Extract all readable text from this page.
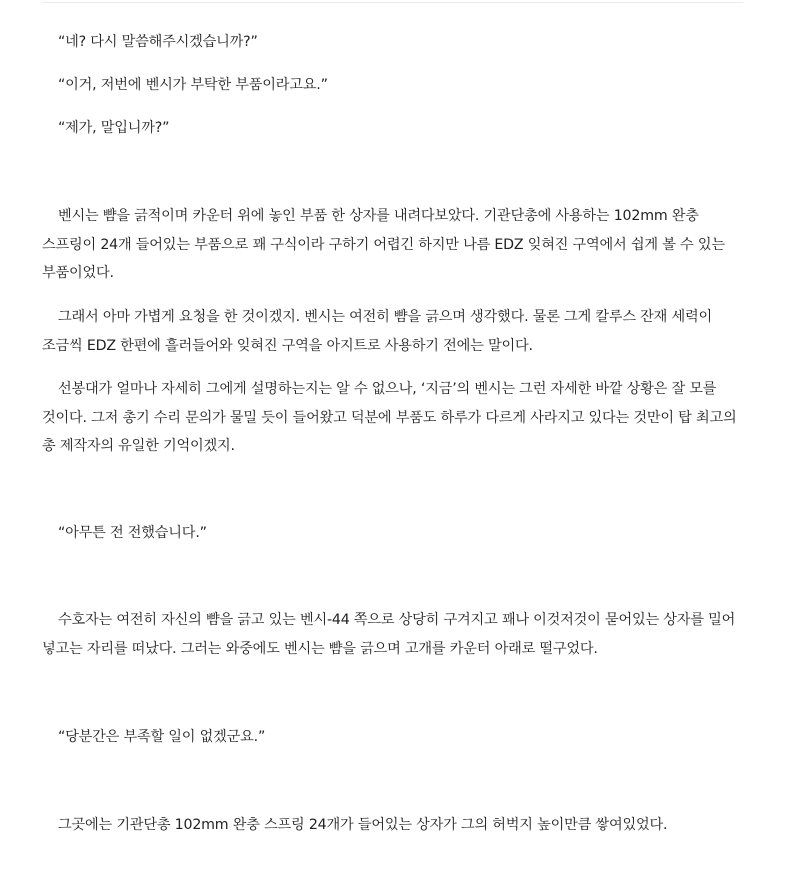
“네? 다시 말씀해주시겠습니까?”

“이거, 저번에 벤시가 부탁한 부품이라고요.”

“제가, 말입니까?”

벤시는 뺨을 긁적이며 카운터 위에 놓인 부품 한 상자를 내려다보았다. 기관단총에 사용하는 102mm 완충 스프링이 24개 들어있는 부품으로 꽤 구식이라 구하기 어렵긴 하지만 나름 EDZ 잊혀진 구역에서 쉽게 볼 수 있는 부품이었다.

그래서 아마 가볍게 요청을 한 것이겠지. 벤시는 여전히 뺨을 긁으며 생각했다. 물론 그게 칼루스 잔재 세력이 조금씩 EDZ 한편에 흘러들어와 잊혀진 구역을 아지트로 사용하기 전에는 말이다.

선봉대가 얼마나 자세히 그에게 설명하는지는 알 수 없으나, ‘지금’의 벤시는 그런 자세한 바깥 상황은 잘 모를 것이다. 그저 총기 수리 문의가 물밀 듯이 들어왔고 덕분에 부품도 하루가 다르게 사라지고 있다는 것만이 탑 최고의 총 제작자의 유일한 기억이겠지.

“아무튼 전 전했습니다.”

수호자는 여전히 자신의 뺨을 긁고 있는 벤시-44 쪽으로 상당히 구겨지고 꽤나 이것저것이 묻어있는 상자를 밀어 넣고는 자리를 떠났다. 그러는 와중에도 벤시는 뺨을 긁으며 고개를 카운터 아래로 떨구었다.

“당분간은 부족할 일이 없겠군요.”

그곳에는 기관단총 102mm 완충 스프링 24개가 들어있는 상자가 그의 허벅지 높이만큼 쌓여있었다.
